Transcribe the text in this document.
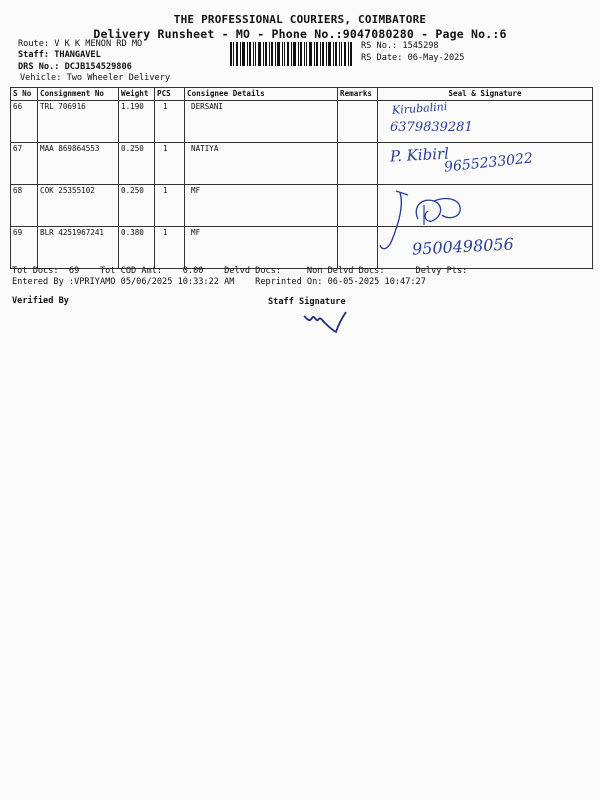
THE PROFESSIONAL COURIERS, COIMBATORE
Delivery Runsheet - MO - Phone No.:9047080280 - Page No.:6
Route: V K K MENON RD MO
Staff: THANGAVEL
DRS No.: DCJB154529806
Vehicle: Two Wheeler Delivery
RS No.: 1545298
RS Date: 06-May-2025
S No	Consignment No	Weight	PCS	Consignee Details	Remarks	Seal & Signature
66	TRL 706916	1.190	1	DERSANI		Kirubalini
6379839281

67	MAA 869864553	0.250	1	NATIYA		P. Kibirl
9655233022

68	COK 25355102	0.250	1	MF		

69	BLR 4251967241	0.380	1	MF		9500498056
Tot Docs:  69    Tot COD Amt:    0.00    Delvd Docs:     Non Delvd Docs:      Delvy Pts:
Entered By :VPRIYAMO 05/06/2025 10:33:22 AM    Reprinted On: 06-05-2025 10:47:27
Verified By	Staff Signature
